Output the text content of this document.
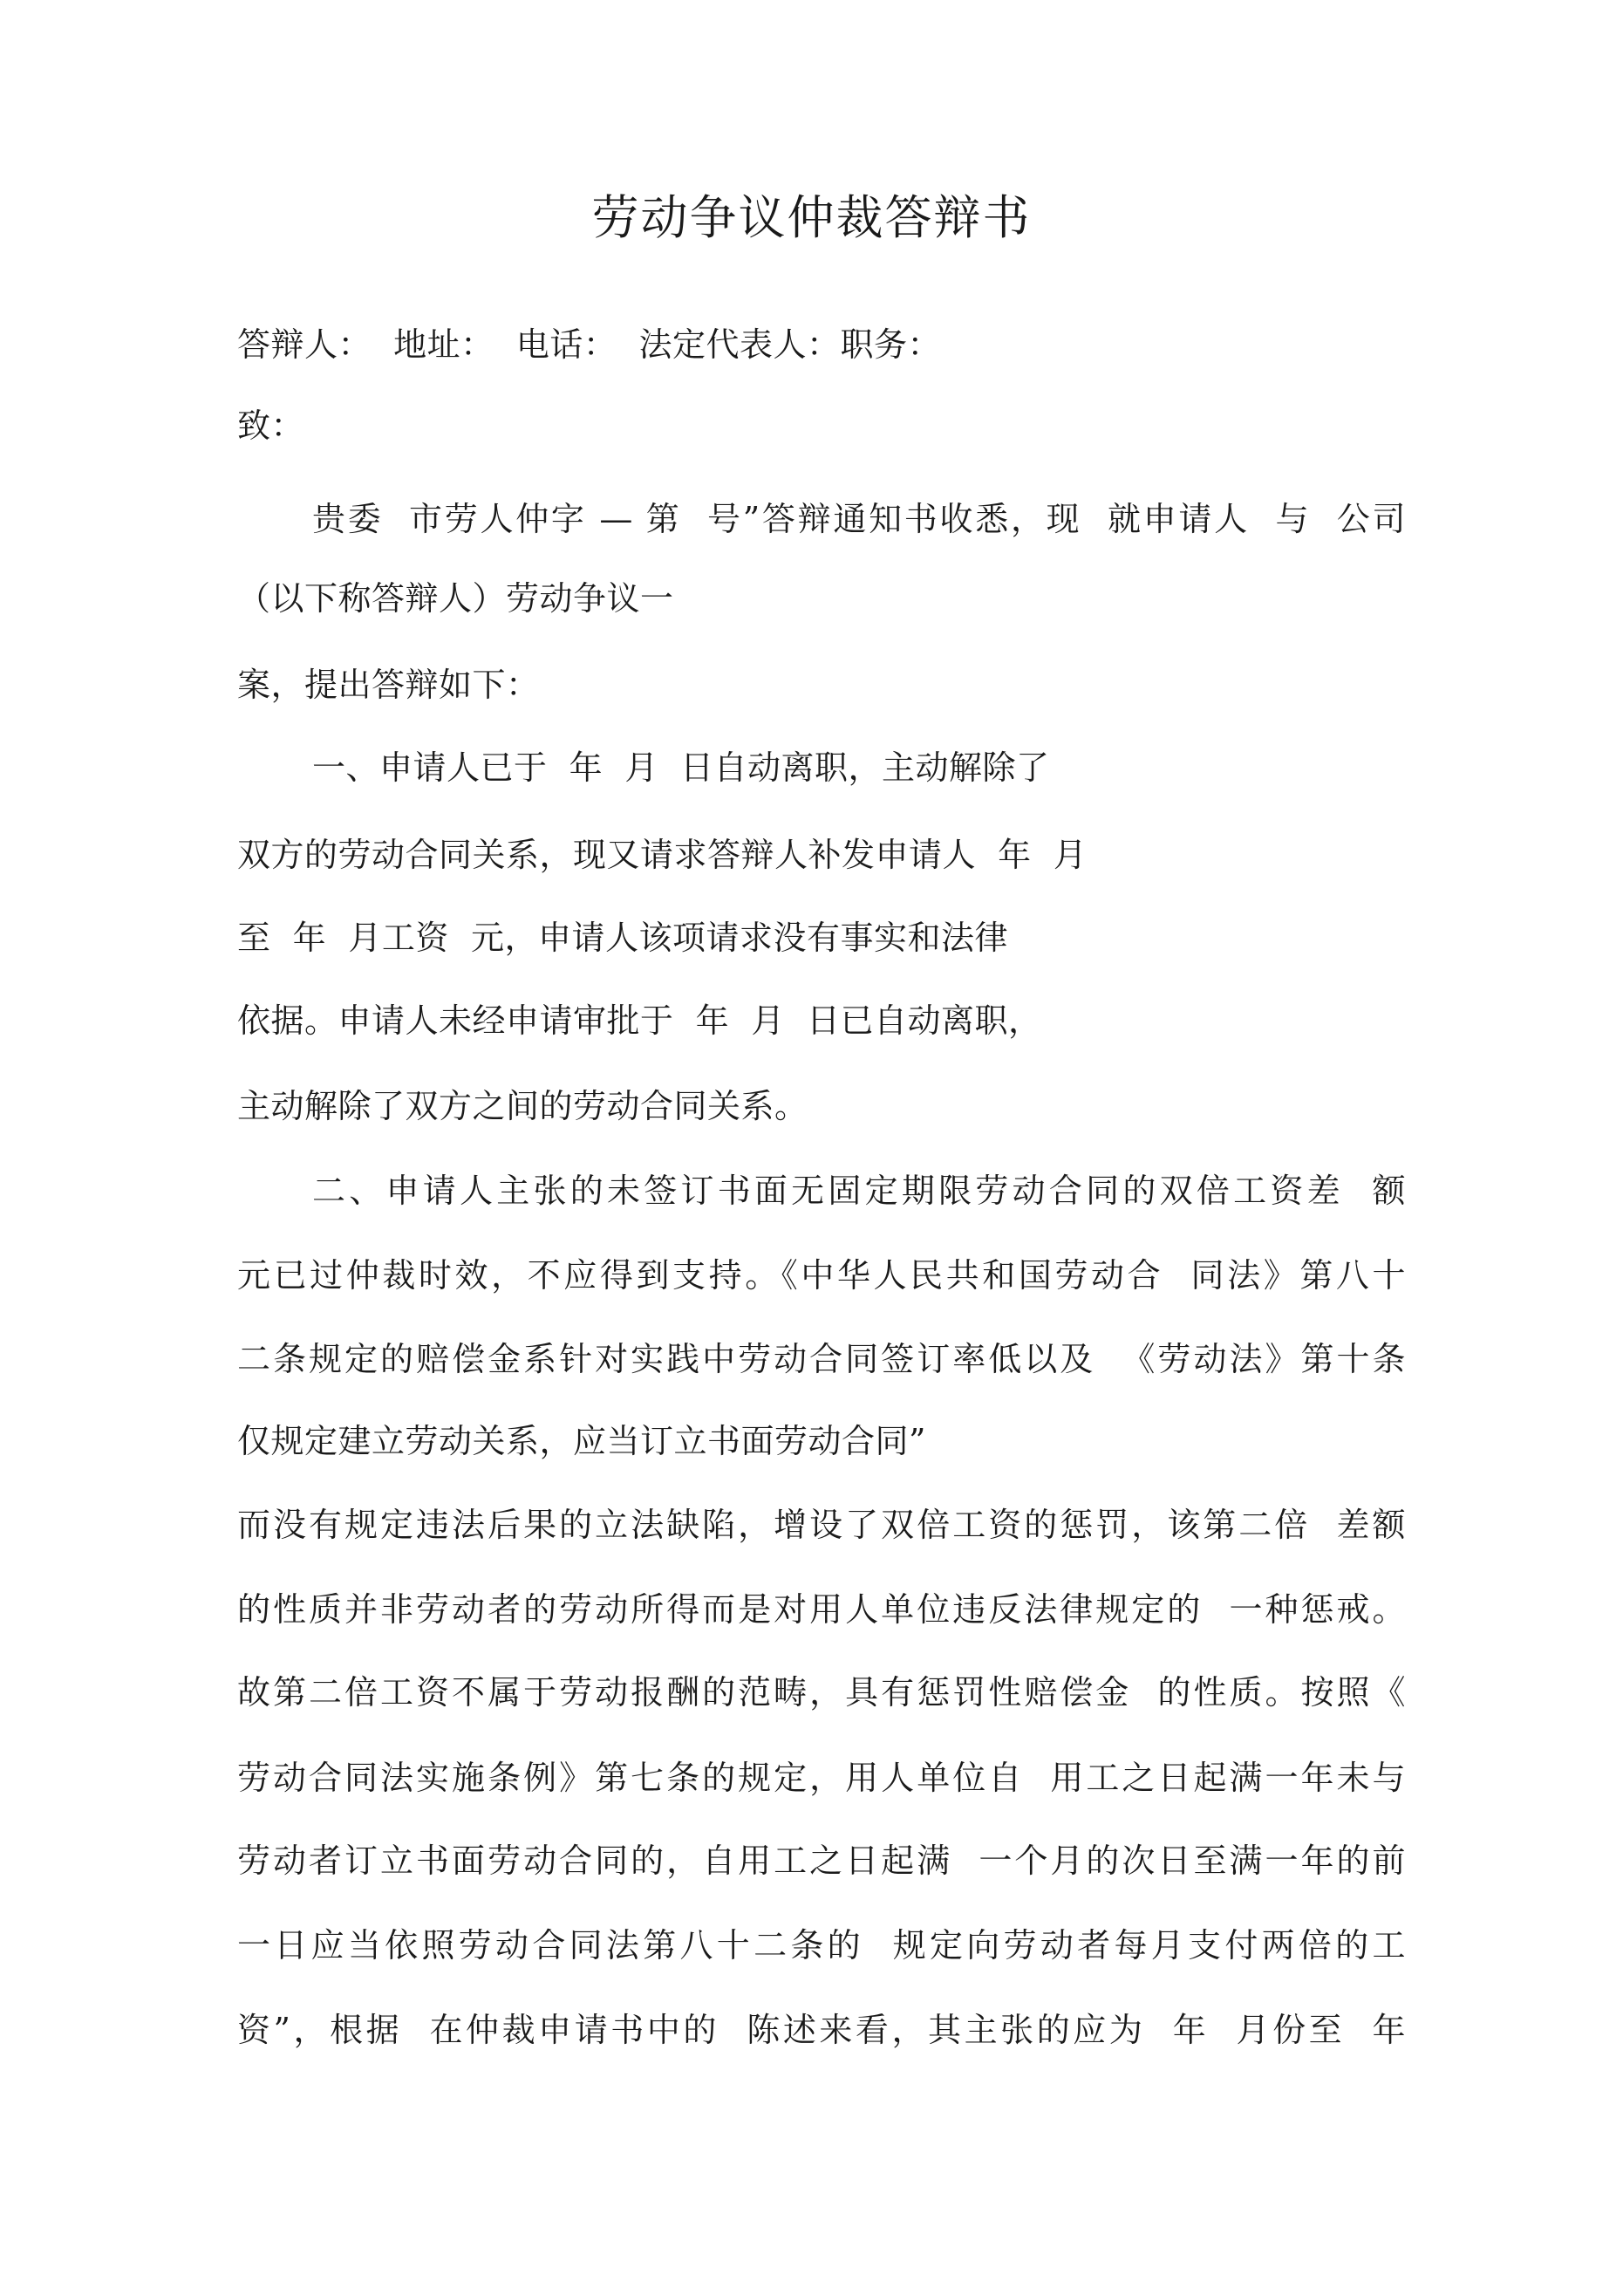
劳动争议仲裁答辩书
答辩人：  地址：  电话：  法定代表人：职务：
致：
贵委  市劳人仲字 — 第  号”答辩通知书收悉，现  就申请人  与  公司
（以下称答辩人）劳动争议一
案，提出答辩如下：
一、申请人已于  年  月  日自动离职，主动解除了
双方的劳动合同关系，现又请求答辩人补发申请人  年  月
至  年  月工资  元，申请人该项请求没有事实和法律
依据。申请人未经申请审批于  年  月  日已自动离职，
主动解除了双方之间的劳动合同关系。
二、申请人主张的未签订书面无固定期限劳动合同的双倍工资差  额
元已过仲裁时效，不应得到支持。《中华人民共和国劳动合  同法》第八十
二条规定的赔偿金系针对实践中劳动合同签订率低以及  《劳动法》第十条
仅规定建立劳动关系，应当订立书面劳动合同”
而没有规定违法后果的立法缺陷，增设了双倍工资的惩罚，该第二倍  差额
的性质并非劳动者的劳动所得而是对用人单位违反法律规定的  一种惩戒。
故第二倍工资不属于劳动报酬的范畴，具有惩罚性赔偿金  的性质。按照《
劳动合同法实施条例》第七条的规定，用人单位自  用工之日起满一年未与
劳动者订立书面劳动合同的，自用工之日起满  一个月的次日至满一年的前
一日应当依照劳动合同法第八十二条的  规定向劳动者每月支付两倍的工
资”，根据  在仲裁申请书中的  陈述来看，其主张的应为  年  月份至  年
